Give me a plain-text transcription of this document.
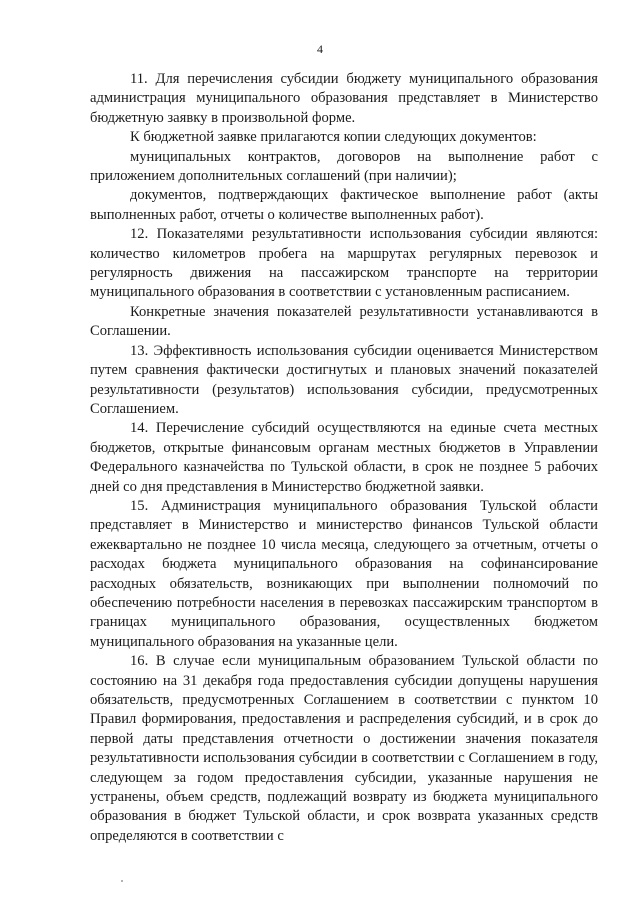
4

11. Для перечисления субсидии бюджету муниципального образования администрация муниципального образования представляет в Министерство бюджетную заявку в произвольной форме.

К бюджетной заявке прилагаются копии следующих документов:

муниципальных контрактов, договоров на выполнение работ с приложением дополнительных соглашений (при наличии);

документов, подтверждающих фактическое выполнение работ (акты выполненных работ, отчеты о количестве выполненных работ).

12. Показателями результативности использования субсидии являются: количество километров пробега на маршрутах регулярных перевозок и регулярность движения на пассажирском транспорте на территории муниципального образования в соответствии с установленным расписанием.

Конкретные значения показателей результативности устанавливаются в Соглашении.

13. Эффективность использования субсидии оценивается Министерством путем сравнения фактически достигнутых и плановых значений показателей результативности (результатов) использования субсидии, предусмотренных Соглашением.

14. Перечисление субсидий осуществляются на единые счета местных бюджетов, открытые финансовым органам местных бюджетов в Управлении Федерального казначейства по Тульской области, в срок не позднее 5 рабочих дней со дня представления в Министерство бюджетной заявки.

15. Администрация муниципального образования Тульской области представляет в Министерство и министерство финансов Тульской области ежеквартально не позднее 10 числа месяца, следующего за отчетным, отчеты о расходах бюджета муниципального образования на софинансирование расходных обязательств, возникающих при выполнении полномочий по обеспечению потребности населения в перевозках пассажирским транспортом в границах муниципального образования, осуществленных бюджетом муниципального образования на указанные цели.

16. В случае если муниципальным образованием Тульской области по состоянию на 31 декабря года предоставления субсидии допущены нарушения обязательств, предусмотренных Соглашением в соответствии с пунктом 10 Правил формирования, предоставления и распределения субсидий, и в срок до первой даты представления отчетности о достижении значения показателя результативности использования субсидии в соответствии с Соглашением в году, следующем за годом предоставления субсидии, указанные нарушения не устранены, объем средств, подлежащий возврату из бюджета муниципального образования в бюджет Тульской области, и срок возврата указанных средств определяются в соответствии с
